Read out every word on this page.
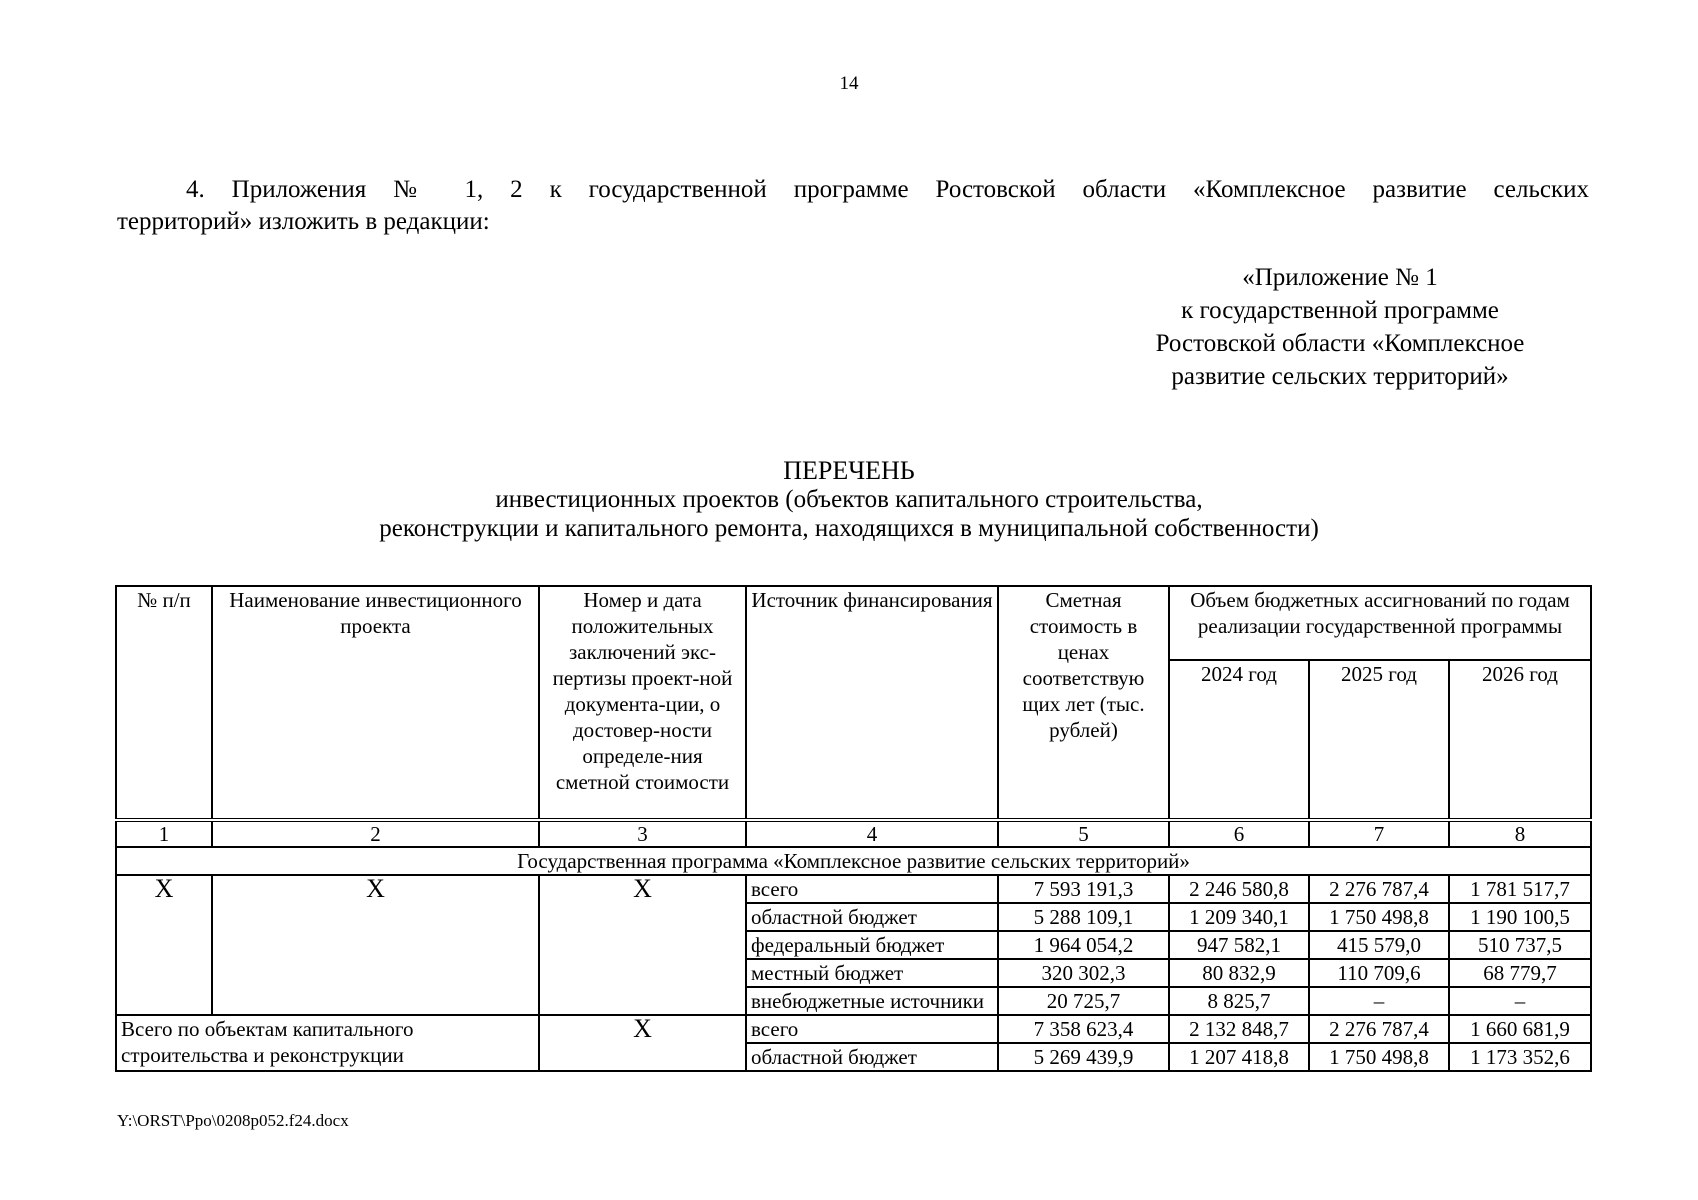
14
4. Приложения № 1, 2 к государственной программе Ростовской области «Комплексное развитие сельских
территорий» изложить в редакции:
«Приложение № 1
к государственной программе
Ростовской области «Комплексное
развитие сельских территорий»
ПЕРЕЧЕНЬ
инвестиционных проектов (объектов капитального строительства,
реконструкции и капитального ремонта, находящихся в муниципальной собственности)
№ п/п	Наименование инвестиционного проекта	Номер и дата положительных заключений экс-пертизы проект-ной документа-ции, о достовер-ности определе-ния сметной стоимости	Источник финансирования	Сметная стоимость в ценах соответствую щих лет (тыс. рублей)	Объем бюджетных ассигнований по годам реализации государственной программы		
					2024 год	2025 год	2026 год
1	2	3	4	5	6	7	8
Государственная программа «Комплексное развитие сельских территорий»							
Х	Х	Х	всего	7 593 191,3	2 246 580,8	2 276 787,4	1 781 517,7
			областной бюджет	5 288 109,1	1 209 340,1	1 750 498,8	1 190 100,5
			федеральный бюджет	1 964 054,2	947 582,1	415 579,0	510 737,5
			местный бюджет	320 302,3	80 832,9	110 709,6	68 779,7
			внебюджетные источники	20 725,7	8 825,7	–	–
Всего по объектам капитального строительства и реконструкции		Х	всего	7 358 623,4	2 132 848,7	2 276 787,4	1 660 681,9
			областной бюджет	5 269 439,9	1 207 418,8	1 750 498,8	1 173 352,6
Y:\ORST\Ppo\0208p052.f24.docx
